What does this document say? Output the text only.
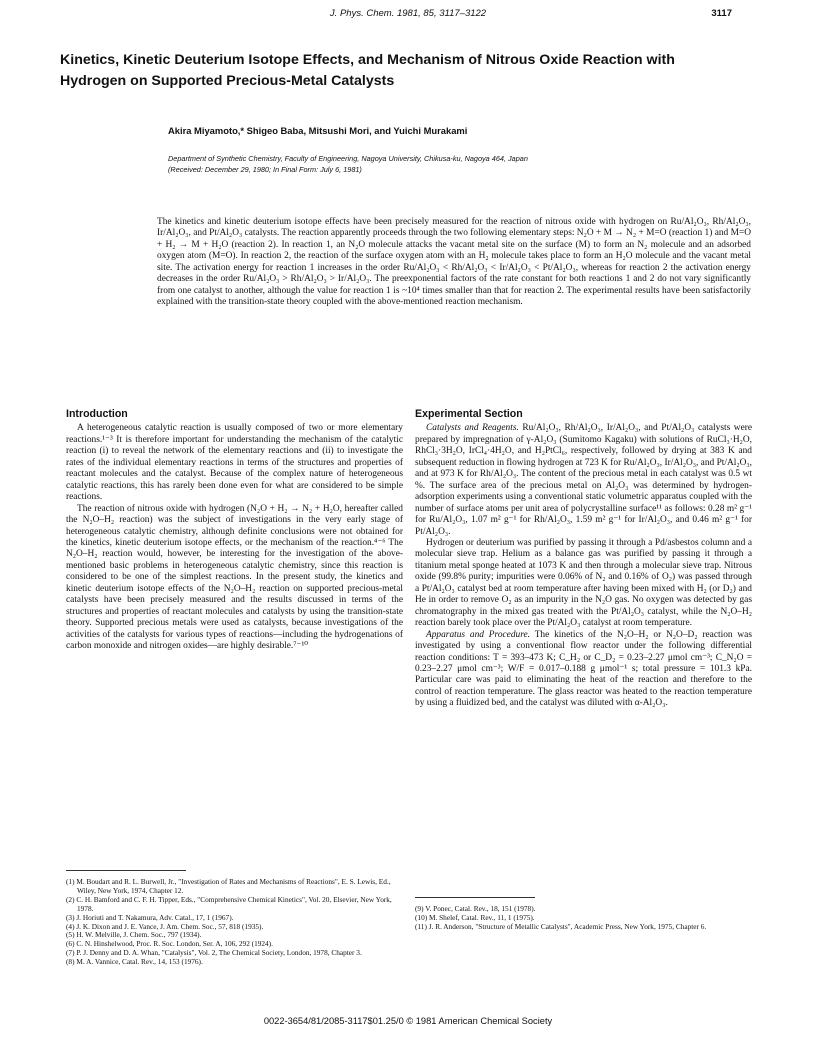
J. Phys. Chem. 1981, 85, 3117–3122	3117
Kinetics, Kinetic Deuterium Isotope Effects, and Mechanism of Nitrous Oxide Reaction with Hydrogen on Supported Precious-Metal Catalysts
Akira Miyamoto,* Shigeo Baba, Mitsushi Mori, and Yuichi Murakami
Department of Synthetic Chemistry, Faculty of Engineering, Nagoya University, Chikusa-ku, Nagoya 464, Japan
(Received: December 29, 1980; In Final Form: July 6, 1981)
The kinetics and kinetic deuterium isotope effects have been precisely measured for the reaction of nitrous oxide with hydrogen on Ru/Al₂O₃, Rh/Al₂O₃, Ir/Al₂O₃, and Pt/Al₂O₃ catalysts. The reaction apparently proceeds through the two following elementary steps: N₂O + M → N₂ + M=O (reaction 1) and M=O + H₂ → M + H₂O (reaction 2). In reaction 1, an N₂O molecule attacks the vacant metal site on the surface (M) to form an N₂ molecule and an adsorbed oxygen atom (M=O). In reaction 2, the reaction of the surface oxygen atom with an H₂ molecule takes place to form an H₂O molecule and the vacant metal site. The activation energy for reaction 1 increases in the order Ru/Al₂O₃ < Rh/Al₂O₃ < Ir/Al₂O₃ < Pt/Al₂O₃, whereas for reaction 2 the activation energy decreases in the order Ru/Al₂O₃ > Rh/Al₂O₃ > Ir/Al₂O₃. The preexponential factors of the rate constant for both reactions 1 and 2 do not vary significantly from one catalyst to another, although the value for reaction 1 is ~10⁴ times smaller than that for reaction 2. The experimental results have been satisfactorily explained with the transition-state theory coupled with the above-mentioned reaction mechanism.
Introduction

A heterogeneous catalytic reaction is usually composed of two or more elementary reactions.¹⁻³ It is therefore important for understanding the mechanism of the catalytic reaction (i) to reveal the network of the elementary reactions and (ii) to investigate the rates of the individual elementary reactions in terms of the structures and properties of reactant molecules and the catalyst. Because of the complex nature of heterogeneous catalytic reactions, this has rarely been done even for what are considered to be simple reactions.

The reaction of nitrous oxide with hydrogen (N₂O + H₂ → N₂ + H₂O, hereafter called the N₂O–H₂ reaction) was the subject of investigations in the very early stage of heterogeneous catalytic chemistry, although definite conclusions were not obtained for the kinetics, kinetic deuterium isotope effects, or the mechanism of the reaction.⁴⁻⁶ The N₂O–H₂ reaction would, however, be interesting for the investigation of the above-mentioned basic problems in heterogeneous catalytic chemistry, since this reaction is considered to be one of the simplest reactions. In the present study, the kinetics and kinetic deuterium isotope effects of the N₂O–H₂ reaction on supported precious-metal catalysts have been precisely measured and the results discussed in terms of the structures and properties of reactant molecules and catalysts by using the transition-state theory. Supported precious metals were used as catalysts, because investigations of the activities of the catalysts for various types of reactions—including the hydrogenations of carbon monoxide and nitrogen oxides—are highly desirable.⁷⁻¹⁰

Experimental Section

Catalysts and Reagents. Ru/Al₂O₃, Rh/Al₂O₃, Ir/Al₂O₃, and Pt/Al₂O₃ catalysts were prepared by impregnation of γ-Al₂O₃ (Sumitomo Kagaku) with solutions of RuCl₃·H₂O, RhCl₃·3H₂O, IrCl₄·4H₂O, and H₂PtCl₆, respectively, followed by drying at 383 K and subsequent reduction in flowing hydrogen at 723 K for Ru/Al₂O₃, Ir/Al₂O₃, and Pt/Al₂O₃, and at 973 K for Rh/Al₂O₃. The content of the precious metal in each catalyst was 0.5 wt %. The surface area of the precious metal on Al₂O₃ was determined by hydrogen-adsorption experiments using a conventional static volumetric apparatus coupled with the number of surface atoms per unit area of polycrystalline surface¹¹ as follows: 0.28 m² g⁻¹ for Ru/Al₂O₃, 1.07 m² g⁻¹ for Rh/Al₂O₃, 1.59 m² g⁻¹ for Ir/Al₂O₃, and 0.46 m² g⁻¹ for Pt/Al₂O₃.

Hydrogen or deuterium was purified by passing it through a Pd/asbestos column and a molecular sieve trap. Helium as a balance gas was purified by passing it through a titanium metal sponge heated at 1073 K and then through a molecular sieve trap. Nitrous oxide (99.8% purity; impurities were 0.06% of N₂ and 0.16% of O₂) was passed through a Pt/Al₂O₃ catalyst bed at room temperature after having been mixed with H₂ (or D₂) and He in order to remove O₂ as an impurity in the N₂O gas. No oxygen was detected by gas chromatography in the mixed gas treated with the Pt/Al₂O₃ catalyst, while the N₂O–H₂ reaction barely took place over the Pt/Al₂O₃ catalyst at room temperature.

Apparatus and Procedure. The kinetics of the N₂O–H₂ or N₂O–D₂ reaction was investigated by using a conventional flow reactor under the following differential reaction conditions: T = 393–473 K; C_H₂ or C_D₂ = 0.23–2.27 μmol cm⁻³; C_N₂O = 0.23–2.27 μmol cm⁻³; W/F = 0.017–0.188 g μmol⁻¹ s; total pressure = 101.3 kPa. Particular care was paid to eliminating the heat of the reaction and therefore to the control of reaction temperature. The glass reactor was heated to the reaction temperature by using a fluidized bed, and the catalyst was diluted with α-Al₂O₃.

(1) M. Boudart and R. L. Burwell, Jr., "Investigation of Rates and Mechanisms of Reactions", E. S. Lewis, Ed., Wiley, New York, 1974, Chapter 12.
(2) C. H. Bamford and C. F. H. Tipper, Eds., "Comprehensive Chemical Kinetics", Vol. 20, Elsevier, New York, 1978.
(3) J. Horiuti and T. Nakamura, Adv. Catal., 17, 1 (1967).
(4) J. K. Dixon and J. E. Vance, J. Am. Chem. Soc., 57, 818 (1935).
(5) H. W. Melville, J. Chem. Soc., 797 (1934).
(6) C. N. Hinshelwood, Proc. R. Soc. London, Ser. A, 106, 292 (1924).
(7) P. J. Denny and D. A. Whan, "Catalysis", Vol. 2, The Chemical Society, London, 1978, Chapter 3.
(8) M. A. Vannice, Catal. Rev., 14, 153 (1976).
(9) V. Ponec, Catal. Rev., 18, 151 (1978).
(10) M. Shelef, Catal. Rev., 11, 1 (1975).
(11) J. R. Anderson, "Structure of Metallic Catalysts", Academic Press, New York, 1975, Chapter 6.
0022-3654/81/2085-3117$01.25/0 © 1981 American Chemical Society
